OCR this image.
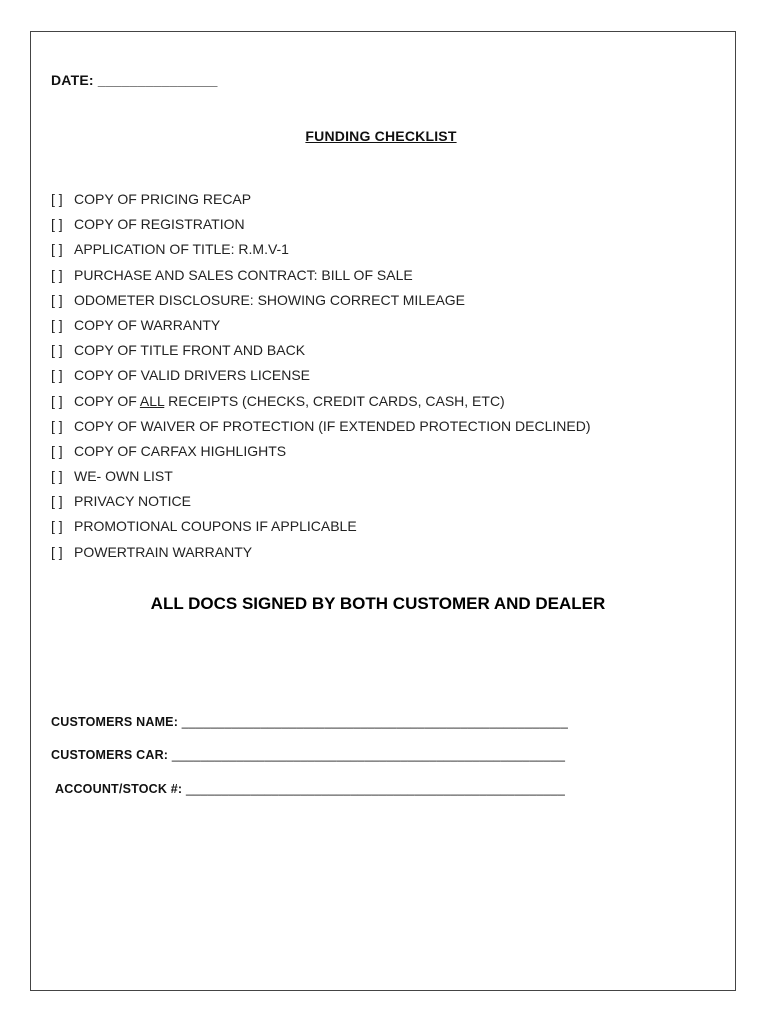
DATE: _______________
FUNDING CHECKLIST
[ ] COPY OF PRICING RECAP
[ ] COPY OF REGISTRATION
[ ] APPLICATION OF TITLE: R.M.V-1
[ ] PURCHASE AND SALES CONTRACT: BILL OF SALE
[ ] ODOMETER DISCLOSURE: SHOWING CORRECT MILEAGE
[ ] COPY OF WARRANTY
[ ] COPY OF TITLE FRONT AND BACK
[ ] COPY OF VALID DRIVERS LICENSE
[ ] COPY OF ALL RECEIPTS (CHECKS, CREDIT CARDS, CASH, ETC)
[ ] COPY OF WAIVER OF PROTECTION (IF EXTENDED PROTECTION DECLINED)
[ ] COPY OF CARFAX HIGHLIGHTS
[ ] WE- OWN LIST
[ ] PRIVACY NOTICE
[ ] PROMOTIONAL COUPONS IF APPLICABLE
[ ] POWERTRAIN WARRANTY
ALL DOCS SIGNED BY BOTH CUSTOMER AND DEALER
CUSTOMERS NAME: ______________________________________________________
CUSTOMERS CAR: _______________________________________________________
ACCOUNT/STOCK #: _____________________________________________________
